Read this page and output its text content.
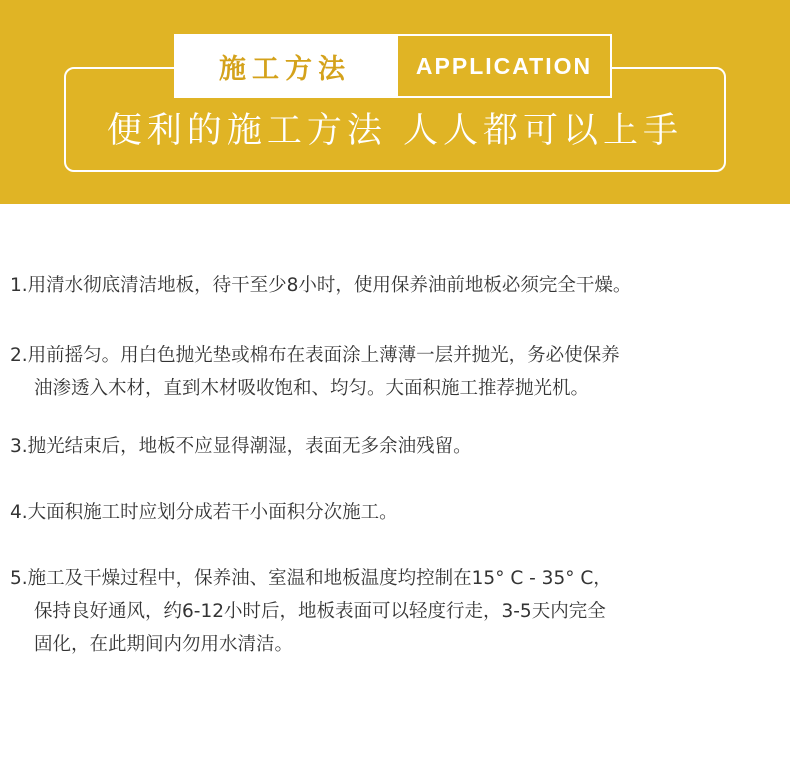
施工方法	APPLICATION
便利的施工方法 人人都可以上手
1.用清水彻底清洁地板，待干至少8小时，使用保养油前地板必须完全干燥。
2.用前摇匀。用白色抛光垫或棉布在表面涂上薄薄一层并抛光，务必使保养
油渗透入木材，直到木材吸收饱和、均匀。大面积施工推荐抛光机。
3.抛光结束后，地板不应显得潮湿，表面无多余油残留。
4.大面积施工时应划分成若干小面积分次施工。
5.施工及干燥过程中，保养油、室温和地板温度均控制在15° C - 35° C，
保持良好通风，约6-12小时后，地板表面可以轻度行走，3-5天内完全
固化，在此期间内勿用水清洁。
